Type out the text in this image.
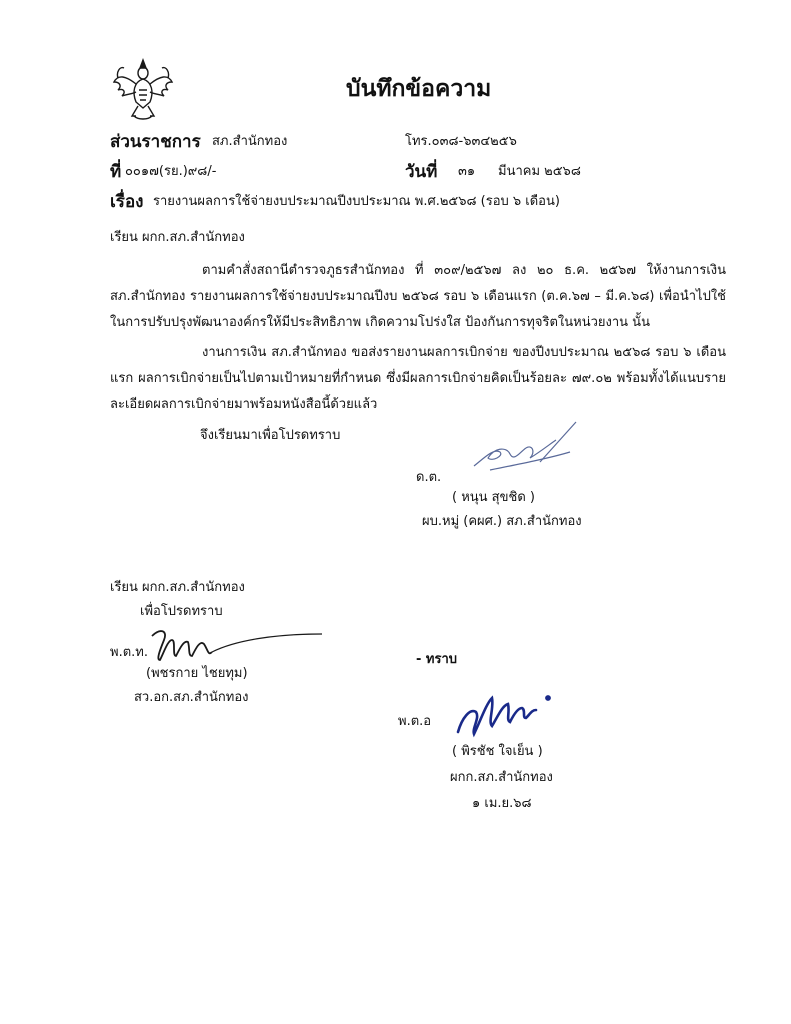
บันทึกข้อความ
ส่วนราชการ สภ.สำนักทอง	โทร.๐๓๘-๖๓๔๒๕๖
ที่ ๐๐๑๗(รย.)๙๘/-	วันที่ ๓๑ มีนาคม ๒๕๖๘
เรื่อง รายงานผลการใช้จ่ายงบประมาณปีงบประมาณ พ.ศ.๒๕๖๘ (รอบ ๖ เดือน)
เรียน ผกก.สภ.สำนักทอง
ตามคำสั่งสถานีตำรวจภูธรสำนักทอง ที่ ๓๐๙/๒๕๖๗ ลง ๒๐ ธ.ค. ๒๕๖๗ ให้งานการเงิน สภ.สำนักทอง รายงานผลการใช้จ่ายงบประมาณปีงบ ๒๕๖๘ รอบ ๖ เดือนแรก (ต.ค.๖๗ – มี.ค.๖๘) เพื่อนำไปใช้ในการปรับปรุงพัฒนาองค์กรให้มีประสิทธิภาพ เกิดความโปร่งใส ป้องกันการทุจริตในหน่วยงาน นั้น
งานการเงิน สภ.สำนักทอง ขอส่งรายงานผลการเบิกจ่าย ของปีงบประมาณ ๒๕๖๘ รอบ ๖ เดือนแรก ผลการเบิกจ่ายเป็นไปตามเป้าหมายที่กำหนด ซึ่งมีผลการเบิกจ่ายคิดเป็นร้อยละ ๗๙.๐๒ พร้อมทั้งได้แนบรายละเอียดผลการเบิกจ่ายมาพร้อมหนังสือนี้ด้วยแล้ว
จึงเรียนมาเพื่อโปรดทราบ
ด.ต.
( หนุน สุขชิด )
ผบ.หมู่ (คผศ.) สภ.สำนักทอง
เรียน ผกก.สภ.สำนักทอง
เพื่อโปรดทราบ
พ.ต.ท.
(พชรกาย ไชยทุม)
สว.อก.สภ.สำนักทอง
- ทราบ
พ.ต.อ
( พิรชัช ใจเย็น )
ผกก.สภ.สำนักทอง
๑ เม.ย.๖๘
